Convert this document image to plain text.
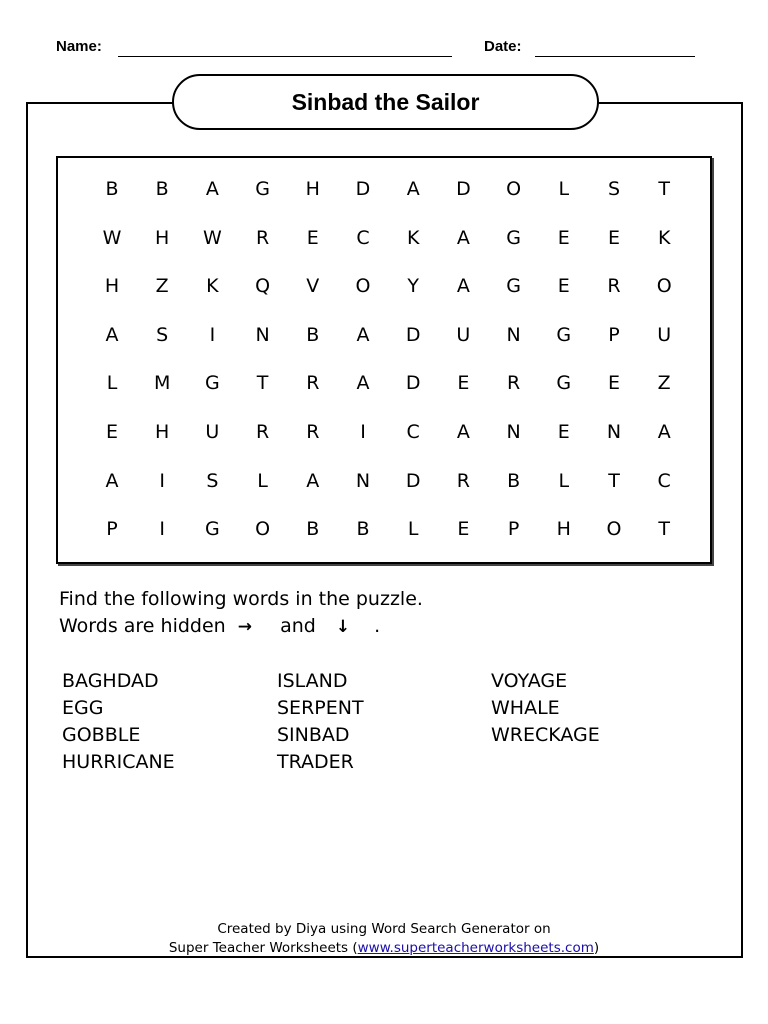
Name:	Date:
Sinbad the Sailor
B	B	A	G	H	D	A	D	O	L	S	T
W	H	W	R	E	C	K	A	G	E	E	K
H	Z	K	Q	V	O	Y	A	G	E	R	O
A	S	I	N	B	A	D	U	N	G	P	U
L	M	G	T	R	A	D	E	R	G	E	Z
E	H	U	R	R	I	C	A	N	E	N	A
A	I	S	L	A	N	D	R	B	L	T	C
P	I	G	O	B	B	L	E	P	H	O	T
Find the following words in the puzzle.
Words are hidden → and ↓ .
BAGHDAD
EGG
GOBBLE
HURRICANE
ISLAND
SERPENT
SINBAD
TRADER
VOYAGE
WHALE
WRECKAGE
Created by Diya using Word Search Generator on
Super Teacher Worksheets (www.superteacherworksheets.com)
